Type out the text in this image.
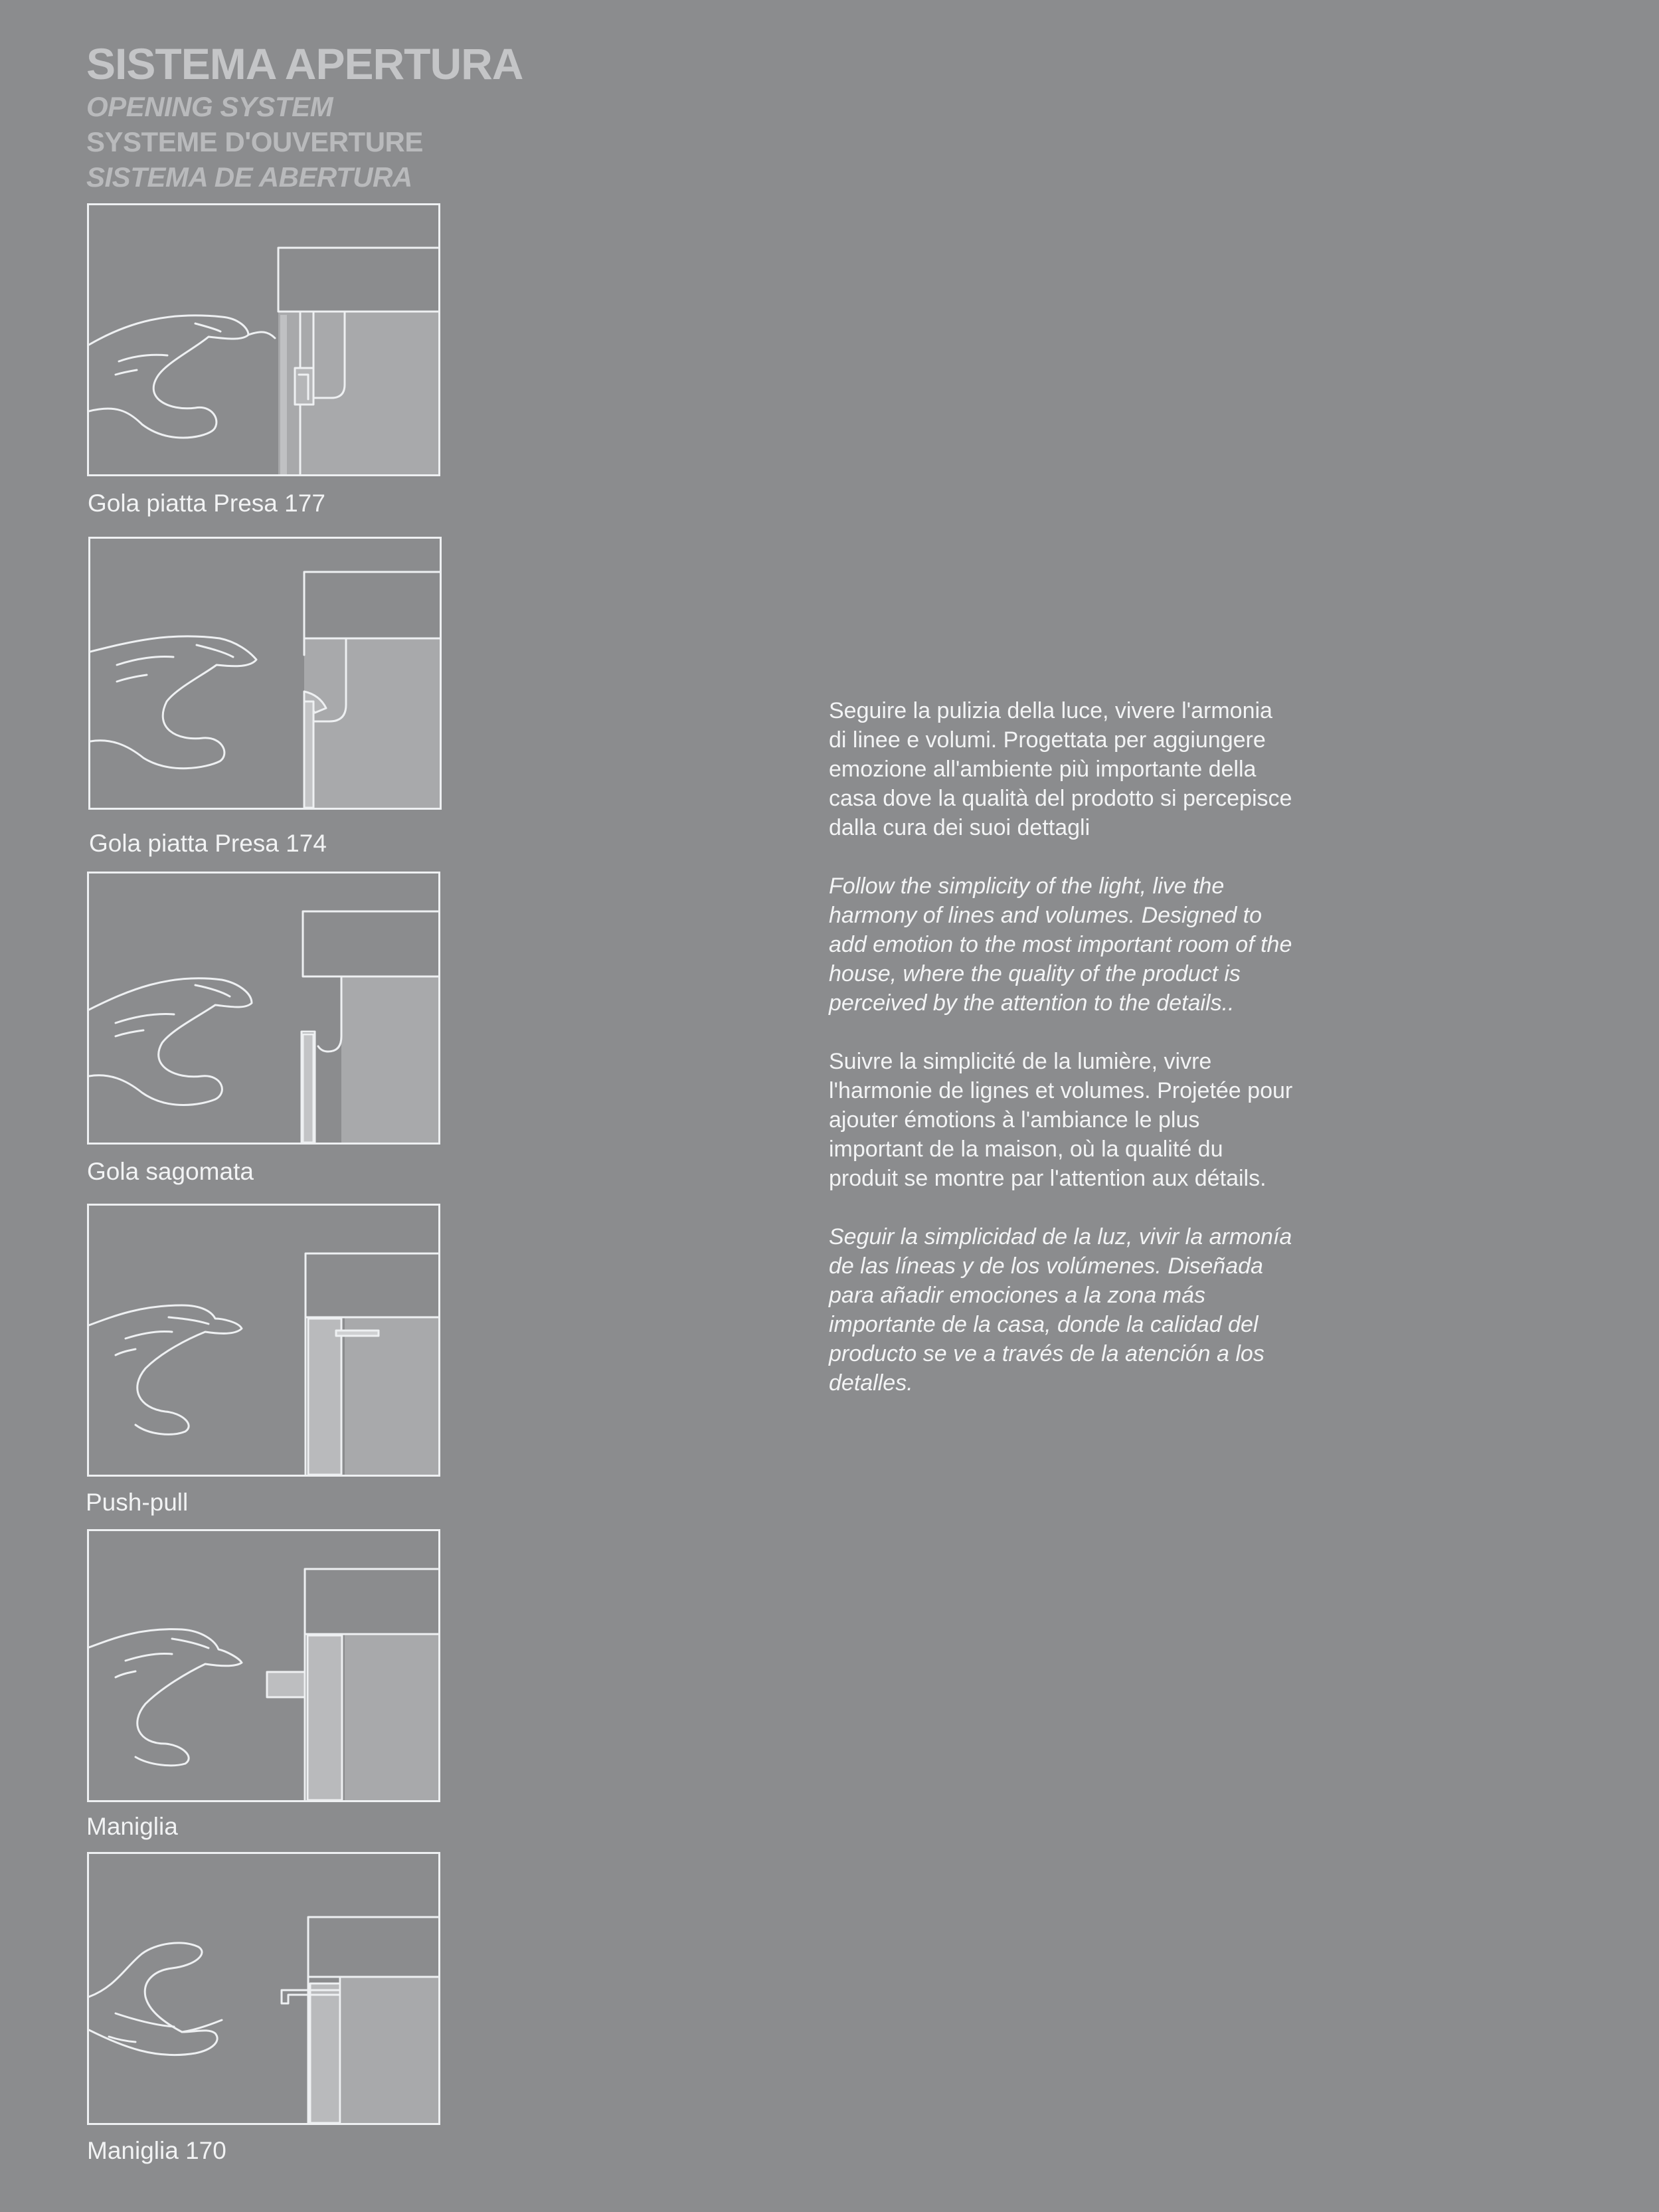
SISTEMA APERTURA
OPENING SYSTEM
SYSTEME D'OUVERTURE
SISTEMA DE ABERTURA
Gola piatta Presa 177
Gola piatta Presa 174
Gola sagomata
Push-pull
Maniglia
Maniglia 170

Seguire la pulizia della luce, vivere l'armonia di linee e volumi. Progettata per aggiungere emozione all'ambiente più importante della casa dove la qualità del prodotto si percepisce dalla cura dei suoi dettagli

Follow the simplicity of the light, live the harmony of lines and volumes. Designed to add emotion to the most important room of the house, where the quality of the product is perceived by the attention to the details..

Suivre la simplicité de la lumière, vivre l'harmonie de lignes et volumes. Projetée pour ajouter émotions à l'ambiance le plus important de la maison, où la qualité du produit se montre par l'attention aux détails.

Seguir la simplicidad de la luz, vivir la armonía de las líneas y de los volúmenes. Diseñada para añadir emociones a la zona más importante de la casa, donde la calidad del producto se ve a través de la atención a los detalles.
